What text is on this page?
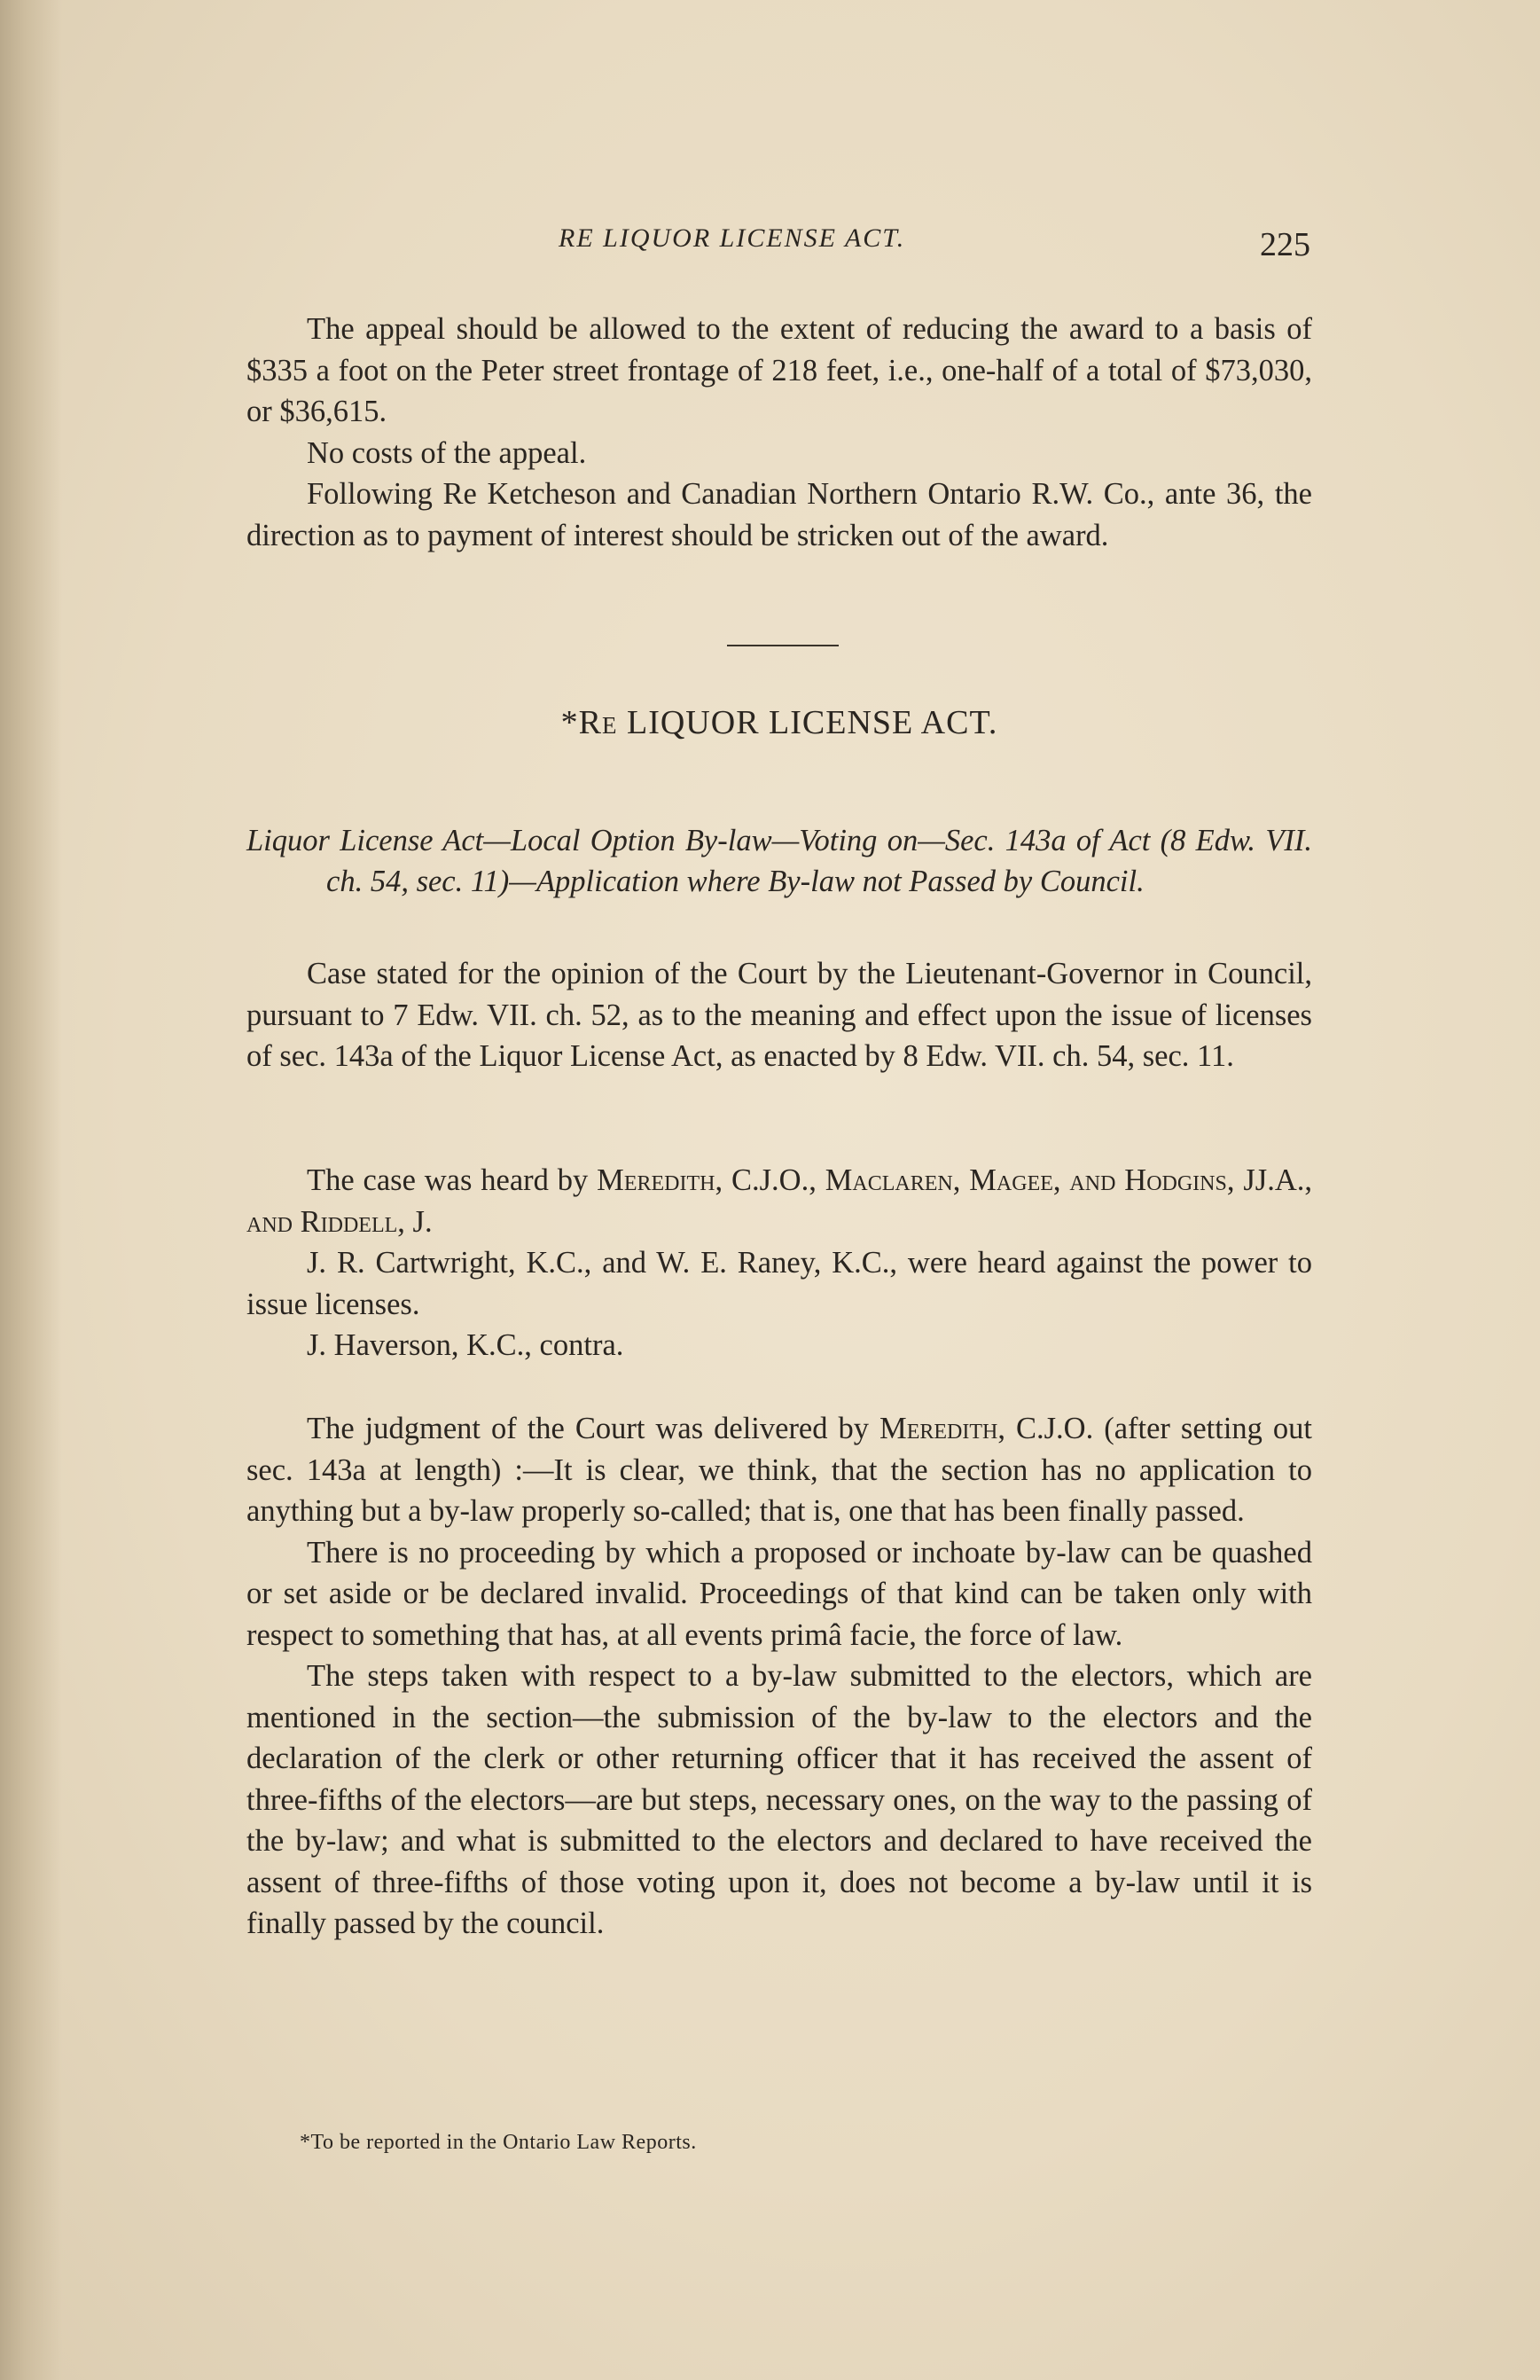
RE LIQUOR LICENSE ACT.	225

The appeal should be allowed to the extent of reducing the award to a basis of $335 a foot on the Peter street frontage of 218 feet, i.e., one-half of a total of $73,030, or $36,615.

No costs of the appeal.

Following Re Ketcheson and Canadian Northern Ontario R.W. Co., ante 36, the direction as to payment of interest should be stricken out of the award.

*Re LIQUOR LICENSE ACT.

Liquor License Act—Local Option By-law—Voting on—Sec. 143a of Act (8 Edw. VII. ch. 54, sec. 11)—Application where By-law not Passed by Council.

Case stated for the opinion of the Court by the Lieutenant-Governor in Council, pursuant to 7 Edw. VII. ch. 52, as to the meaning and effect upon the issue of licenses of sec. 143a of the Liquor License Act, as enacted by 8 Edw. VII. ch. 54, sec. 11.

The case was heard by Meredith, C.J.O., Maclaren, Magee, and Hodgins, JJ.A., and Riddell, J.

J. R. Cartwright, K.C., and W. E. Raney, K.C., were heard against the power to issue licenses.

J. Haverson, K.C., contra.

The judgment of the Court was delivered by Meredith, C.J.O. (after setting out sec. 143a at length) :—It is clear, we think, that the section has no application to anything but a by-law properly so-called; that is, one that has been finally passed.

There is no proceeding by which a proposed or inchoate by-law can be quashed or set aside or be declared invalid. Proceedings of that kind can be taken only with respect to something that has, at all events primâ facie, the force of law.

The steps taken with respect to a by-law submitted to the electors, which are mentioned in the section—the submission of the by-law to the electors and the declaration of the clerk or other returning officer that it has received the assent of three-fifths of the electors—are but steps, necessary ones, on the way to the passing of the by-law; and what is submitted to the electors and declared to have received the assent of three-fifths of those voting upon it, does not become a by-law until it is finally passed by the council.

*To be reported in the Ontario Law Reports.
